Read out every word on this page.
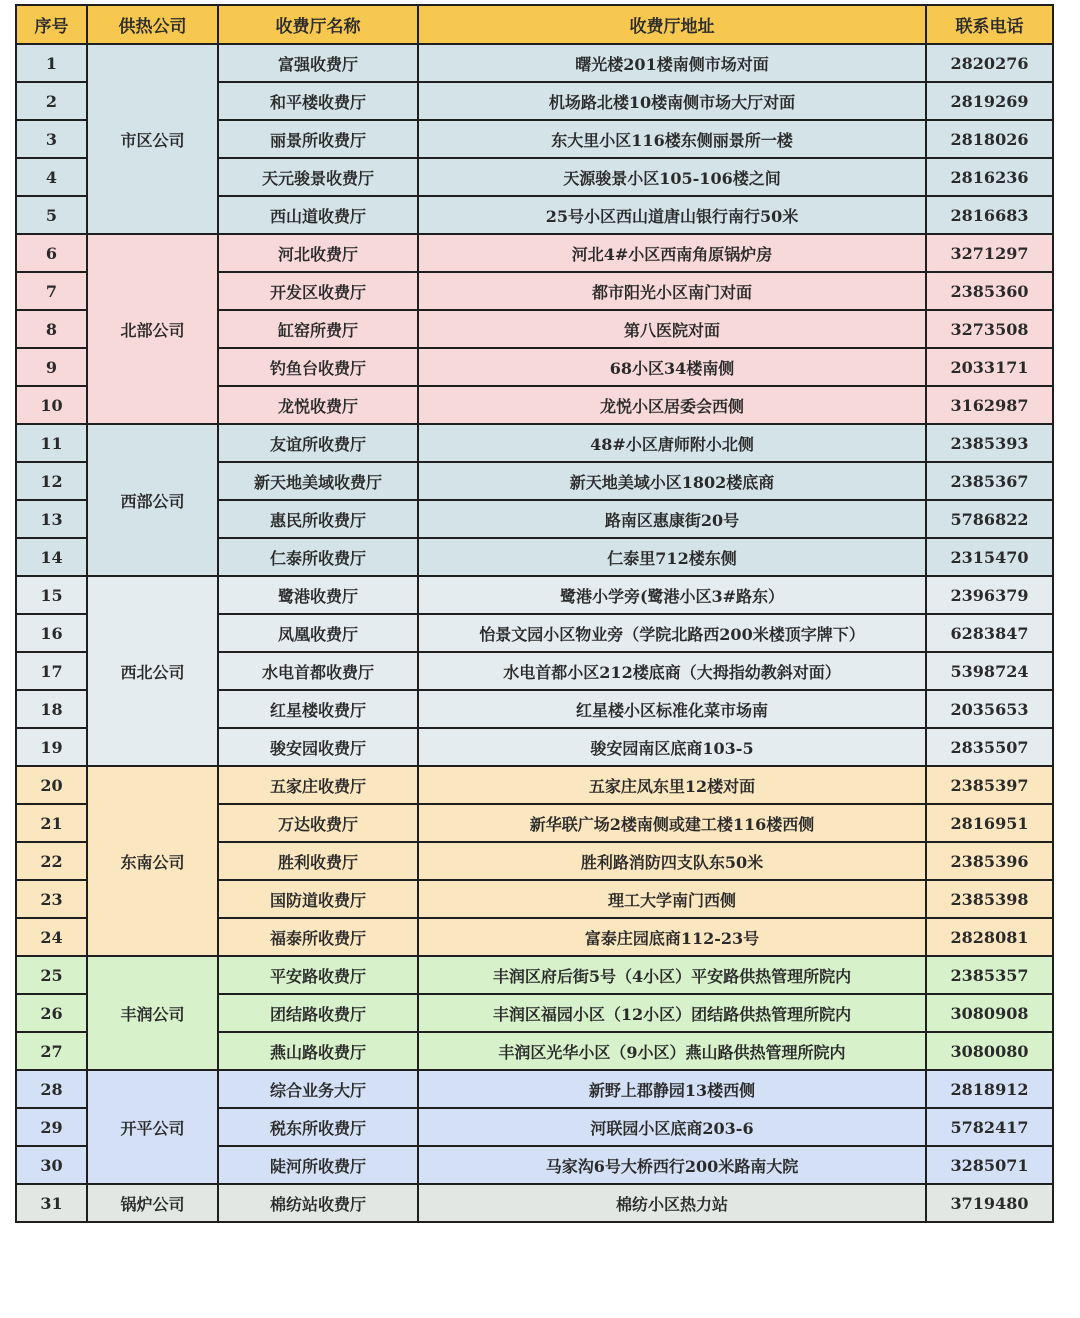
序号	供热公司	收费厅名称	收费厅地址	联系电话
1	市区公司	富强收费厅	曙光楼201楼南侧市场对面	2820276
2		和平楼收费厅	机场路北楼10楼南侧市场大厅对面	2819269
3		丽景所收费厅	东大里小区116楼东侧丽景所一楼	2818026
4		天元骏景收费厅	天源骏景小区105-106楼之间	2816236
5		西山道收费厅	25号小区西山道唐山银行南行50米	2816683
6	北部公司	河北收费厅	河北4#小区西南角原锅炉房	3271297
7		开发区收费厅	都市阳光小区南门对面	2385360
8		缸窑所费厅	第八医院对面	3273508
9		钓鱼台收费厅	68小区34楼南侧	2033171
10		龙悦收费厅	龙悦小区居委会西侧	3162987
11	西部公司	友谊所收费厅	48#小区唐师附小北侧	2385393
12		新天地美域收费厅	新天地美域小区1802楼底商	2385367
13		惠民所收费厅	路南区惠康街20号	5786822
14		仁泰所收费厅	仁泰里712楼东侧	2315470
15	西北公司	鹭港收费厅	鹭港小学旁(鹭港小区3#路东）	2396379
16		凤凰收费厅	怡景文园小区物业旁（学院北路西200米楼顶字牌下）	6283847
17		水电首都收费厅	水电首都小区212楼底商（大拇指幼教斜对面）	5398724
18		红星楼收费厅	红星楼小区标准化菜市场南	2035653
19		骏安园收费厅	骏安园南区底商103-5	2835507
20	东南公司	五家庄收费厅	五家庄凤东里12楼对面	2385397
21		万达收费厅	新华联广场2楼南侧或建工楼116楼西侧	2816951
22		胜利收费厅	胜利路消防四支队东50米	2385396
23		国防道收费厅	理工大学南门西侧	2385398
24		福泰所收费厅	富泰庄园底商112-23号	2828081
25	丰润公司	平安路收费厅	丰润区府后街5号（4小区）平安路供热管理所院内	2385357
26		团结路收费厅	丰润区福园小区（12小区）团结路供热管理所院内	3080908
27		燕山路收费厅	丰润区光华小区（9小区）燕山路供热管理所院内	3080080
28	开平公司	综合业务大厅	新野上郡静园13楼西侧	2818912
29		税东所收费厅	河联园小区底商203-6	5782417
30		陡河所收费厅	马家沟6号大桥西行200米路南大院	3285071
31	锅炉公司	棉纺站收费厅	棉纺小区热力站	3719480
